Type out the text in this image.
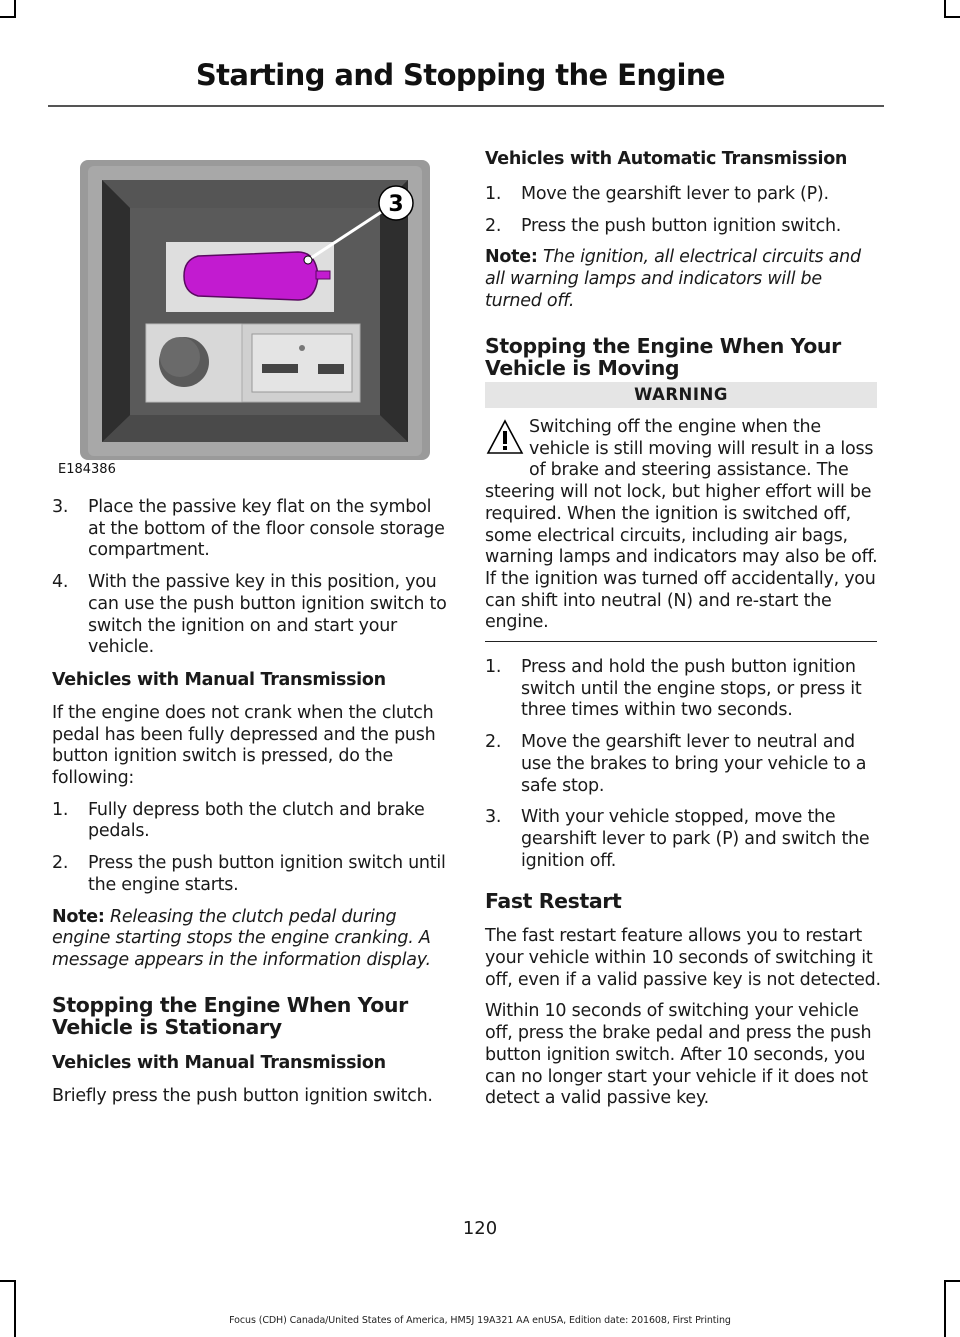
Starting and Stopping the Engine
3
E184386
3. Place the passive key flat on the symbol at the bottom of the floor console storage compartment.
4. With the passive key in this position, you can use the push button ignition switch to switch the ignition on and start your vehicle.
Vehicles with Manual Transmission
If the engine does not crank when the clutch pedal has been fully depressed and the push button ignition switch is pressed, do the following:
1. Fully depress both the clutch and brake pedals.
2. Press the push button ignition switch until the engine starts.
Note: Releasing the clutch pedal during engine starting stops the engine cranking. A message appears in the information display.
Stopping the Engine When Your Vehicle is Stationary
Vehicles with Manual Transmission
Briefly press the push button ignition switch.
Vehicles with Automatic Transmission
1. Move the gearshift lever to park (P).
2. Press the push button ignition switch.
Note: The ignition, all electrical circuits and all warning lamps and indicators will be turned off.
Stopping the Engine When Your Vehicle is Moving
WARNING
Switching off the engine when the vehicle is still moving will result in a loss of brake and steering assistance. The steering will not lock, but higher effort will be required. When the ignition is switched off, some electrical circuits, including air bags, warning lamps and indicators may also be off. If the ignition was turned off accidentally, you can shift into neutral (N) and re-start the engine.
1. Press and hold the push button ignition switch until the engine stops, or press it three times within two seconds.
2. Move the gearshift lever to neutral and use the brakes to bring your vehicle to a safe stop.
3. With your vehicle stopped, move the gearshift lever to park (P) and switch the ignition off.
Fast Restart
The fast restart feature allows you to restart your vehicle within 10 seconds of switching it off, even if a valid passive key is not detected.
Within 10 seconds of switching your vehicle off, press the brake pedal and press the push button ignition switch. After 10 seconds, you can no longer start your vehicle if it does not detect a valid passive key.
120
Focus (CDH) Canada/United States of America, HM5J 19A321 AA enUSA, Edition date: 201608, First Printing
